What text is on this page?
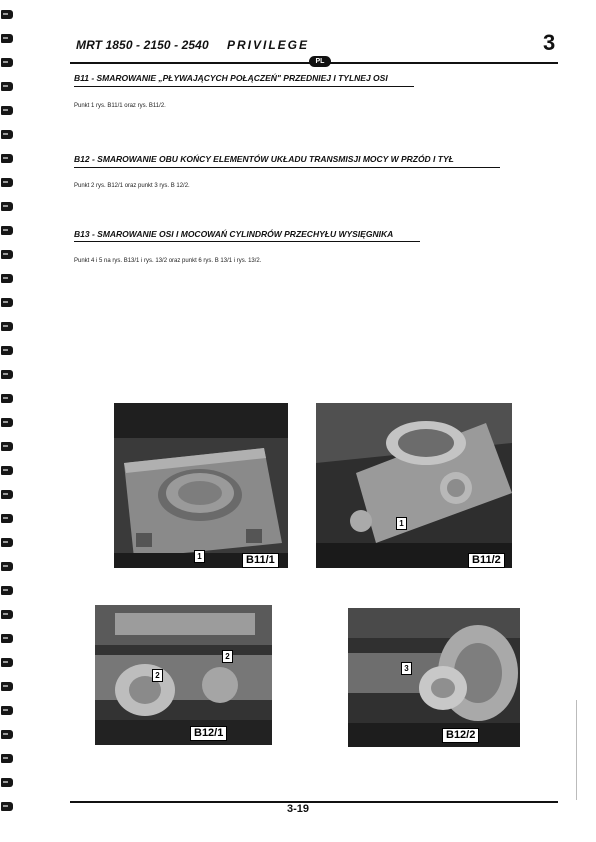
MRT 1850 - 2150 - 2540 PRIVILEGE	3
PL
B11 - SMAROWANIE „PŁYWAJĄCYCH POŁĄCZEŃ" PRZEDNIEJ I TYLNEJ OSI
Punkt 1 rys. B11/1 oraz rys. B11/2.
B12 - SMAROWANIE OBU KOŃCY ELEMENTÓW UKŁADU TRANSMISJI MOCY W PRZÓD I TYŁ
Punkt 2 rys. B12/1 oraz punkt 3 rys. B 12/2.
B13 - SMAROWANIE OSI I MOCOWAŃ CYLINDRÓW PRZECHYŁU WYSIĘGNIKA
Punkt 4 i 5 na rys. B13/1 i rys. 13/2 oraz punkt 6 rys. B 13/1 i rys. 13/2.
1	B11/1
1
B11/2
2
2
B12/1
3
B12/2
3-19
